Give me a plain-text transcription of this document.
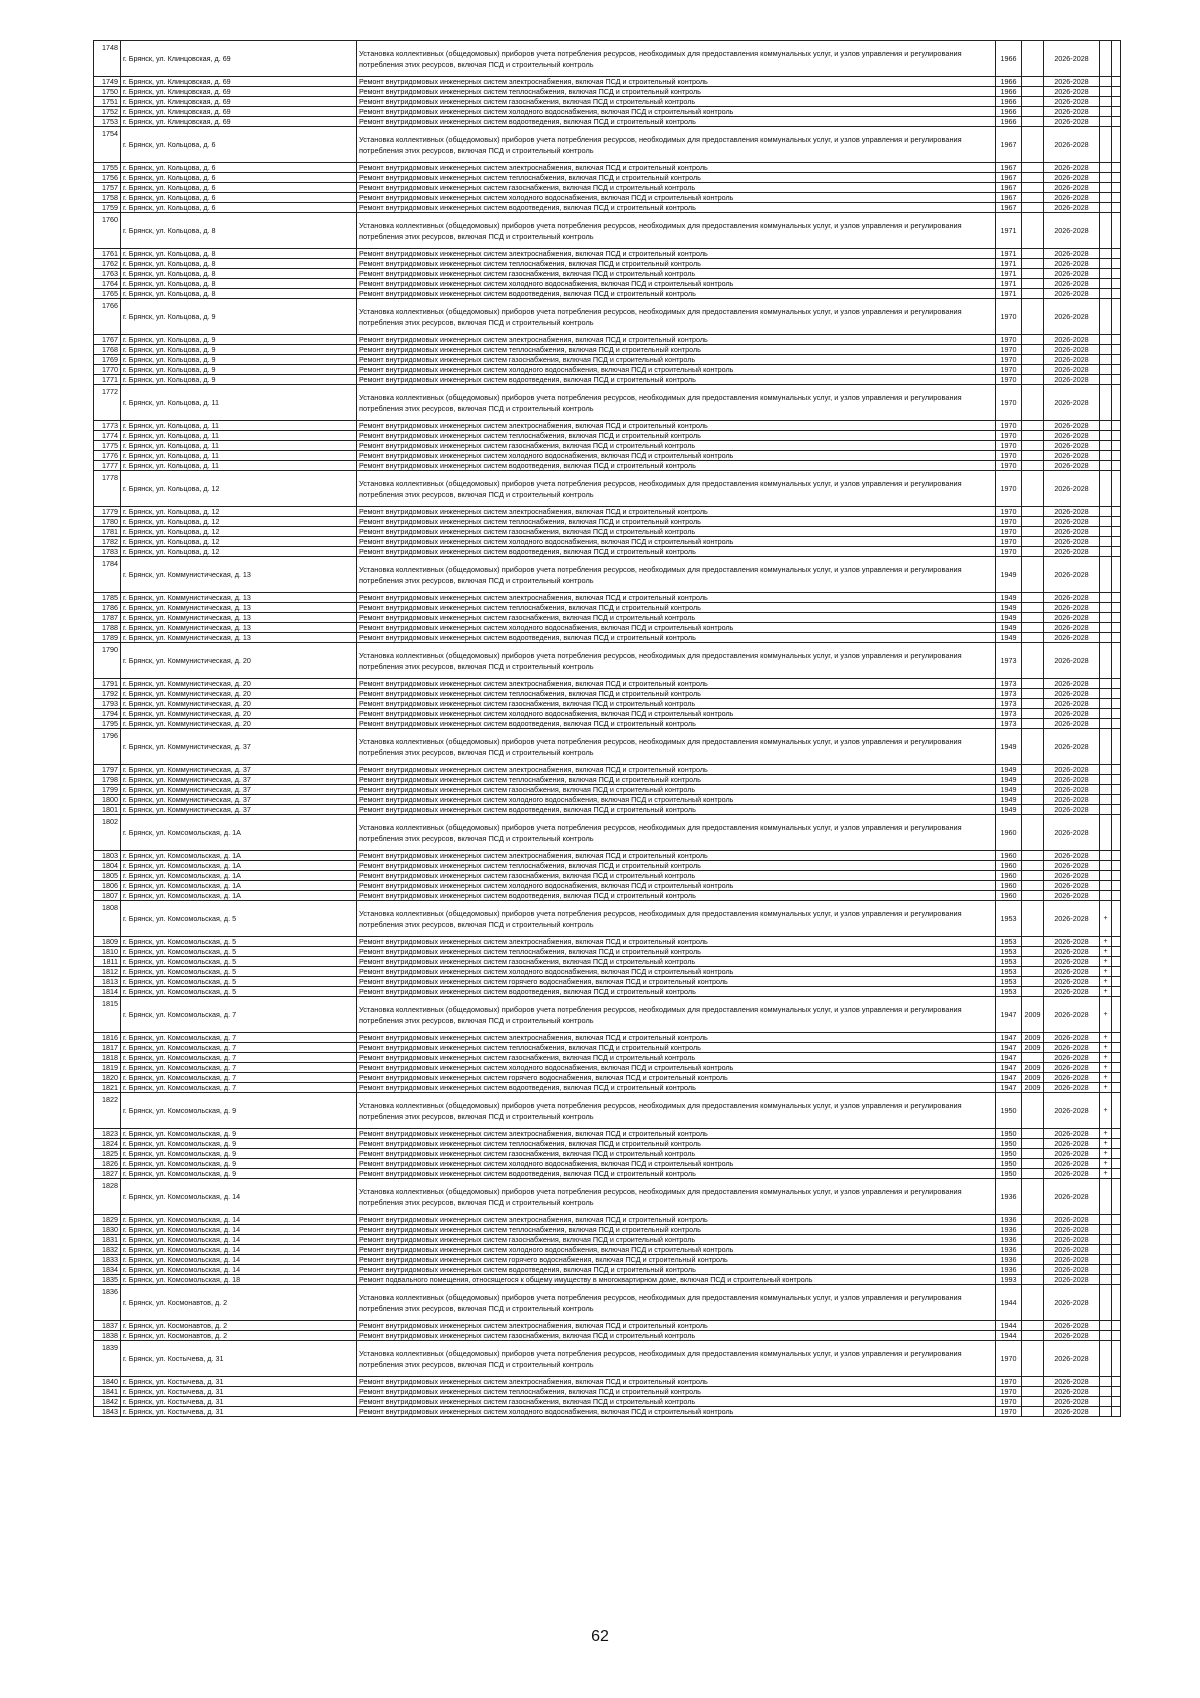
1748	г. Брянск, ул. Клинцовская, д. 69	Установка коллективных (общедомовых) приборов учета потребления ресурсов, необходимых для предоставления коммунальных услуг, и узлов управления и регулирования потребления этих ресурсов, включая ПСД и строительный контроль	1966		2026-2028		
1749	г. Брянск, ул. Клинцовская, д. 69	Ремонт внутридомовых инженерных систем электроснабжения, включая ПСД и строительный контроль	1966		2026-2028		
1750	г. Брянск, ул. Клинцовская, д. 69	Ремонт внутридомовых инженерных систем теплоснабжения, включая ПСД и строительный контроль	1966		2026-2028		
1751	г. Брянск, ул. Клинцовская, д. 69	Ремонт внутридомовых инженерных систем газоснабжения, включая ПСД и строительный контроль	1966		2026-2028		
1752	г. Брянск, ул. Клинцовская, д. 69	Ремонт внутридомовых инженерных систем холодного водоснабжения, включая ПСД и строительный контроль	1966		2026-2028		
1753	г. Брянск, ул. Клинцовская, д. 69	Ремонт внутридомовых инженерных систем водоотведения, включая ПСД и строительный контроль	1966		2026-2028		
1754	г. Брянск, ул. Кольцова, д. 6	Установка коллективных (общедомовых) приборов учета потребления ресурсов, необходимых для предоставления коммунальных услуг, и узлов управления и регулирования потребления этих ресурсов, включая ПСД и строительный контроль	1967		2026-2028		
1755	г. Брянск, ул. Кольцова, д. 6	Ремонт внутридомовых инженерных систем электроснабжения, включая ПСД и строительный контроль	1967		2026-2028		
1756	г. Брянск, ул. Кольцова, д. 6	Ремонт внутридомовых инженерных систем теплоснабжения, включая ПСД и строительный контроль	1967		2026-2028		
1757	г. Брянск, ул. Кольцова, д. 6	Ремонт внутридомовых инженерных систем газоснабжения, включая ПСД и строительный контроль	1967		2026-2028		
1758	г. Брянск, ул. Кольцова, д. 6	Ремонт внутридомовых инженерных систем холодного водоснабжения, включая ПСД и строительный контроль	1967		2026-2028		
1759	г. Брянск, ул. Кольцова, д. 6	Ремонт внутридомовых инженерных систем водоотведения, включая ПСД и строительный контроль	1967		2026-2028		
1760	г. Брянск, ул. Кольцова, д. 8	Установка коллективных (общедомовых) приборов учета потребления ресурсов, необходимых для предоставления коммунальных услуг, и узлов управления и регулирования потребления этих ресурсов, включая ПСД и строительный контроль	1971		2026-2028		
1761	г. Брянск, ул. Кольцова, д. 8	Ремонт внутридомовых инженерных систем электроснабжения, включая ПСД и строительный контроль	1971		2026-2028		
1762	г. Брянск, ул. Кольцова, д. 8	Ремонт внутридомовых инженерных систем теплоснабжения, включая ПСД и строительный контроль	1971		2026-2028		
1763	г. Брянск, ул. Кольцова, д. 8	Ремонт внутридомовых инженерных систем газоснабжения, включая ПСД и строительный контроль	1971		2026-2028		
1764	г. Брянск, ул. Кольцова, д. 8	Ремонт внутридомовых инженерных систем холодного водоснабжения, включая ПСД и строительный контроль	1971		2026-2028		
1765	г. Брянск, ул. Кольцова, д. 8	Ремонт внутридомовых инженерных систем водоотведения, включая ПСД и строительный контроль	1971		2026-2028		
1766	г. Брянск, ул. Кольцова, д. 9	Установка коллективных (общедомовых) приборов учета потребления ресурсов, необходимых для предоставления коммунальных услуг, и узлов управления и регулирования потребления этих ресурсов, включая ПСД и строительный контроль	1970		2026-2028		
1767	г. Брянск, ул. Кольцова, д. 9	Ремонт внутридомовых инженерных систем электроснабжения, включая ПСД и строительный контроль	1970		2026-2028		
1768	г. Брянск, ул. Кольцова, д. 9	Ремонт внутридомовых инженерных систем теплоснабжения, включая ПСД и строительный контроль	1970		2026-2028		
1769	г. Брянск, ул. Кольцова, д. 9	Ремонт внутридомовых инженерных систем газоснабжения, включая ПСД и строительный контроль	1970		2026-2028		
1770	г. Брянск, ул. Кольцова, д. 9	Ремонт внутридомовых инженерных систем холодного водоснабжения, включая ПСД и строительный контроль	1970		2026-2028		
1771	г. Брянск, ул. Кольцова, д. 9	Ремонт внутридомовых инженерных систем водоотведения, включая ПСД и строительный контроль	1970		2026-2028		
1772	г. Брянск, ул. Кольцова, д. 11	Установка коллективных (общедомовых) приборов учета потребления ресурсов, необходимых для предоставления коммунальных услуг, и узлов управления и регулирования потребления этих ресурсов, включая ПСД и строительный контроль	1970		2026-2028		
1773	г. Брянск, ул. Кольцова, д. 11	Ремонт внутридомовых инженерных систем электроснабжения, включая ПСД и строительный контроль	1970		2026-2028		
1774	г. Брянск, ул. Кольцова, д. 11	Ремонт внутридомовых инженерных систем теплоснабжения, включая ПСД и строительный контроль	1970		2026-2028		
1775	г. Брянск, ул. Кольцова, д. 11	Ремонт внутридомовых инженерных систем газоснабжения, включая ПСД и строительный контроль	1970		2026-2028		
1776	г. Брянск, ул. Кольцова, д. 11	Ремонт внутридомовых инженерных систем холодного водоснабжения, включая ПСД и строительный контроль	1970		2026-2028		
1777	г. Брянск, ул. Кольцова, д. 11	Ремонт внутридомовых инженерных систем водоотведения, включая ПСД и строительный контроль	1970		2026-2028		
1778	г. Брянск, ул. Кольцова, д. 12	Установка коллективных (общедомовых) приборов учета потребления ресурсов, необходимых для предоставления коммунальных услуг, и узлов управления и регулирования потребления этих ресурсов, включая ПСД и строительный контроль	1970		2026-2028		
1779	г. Брянск, ул. Кольцова, д. 12	Ремонт внутридомовых инженерных систем электроснабжения, включая ПСД и строительный контроль	1970		2026-2028		
1780	г. Брянск, ул. Кольцова, д. 12	Ремонт внутридомовых инженерных систем теплоснабжения, включая ПСД и строительный контроль	1970		2026-2028		
1781	г. Брянск, ул. Кольцова, д. 12	Ремонт внутридомовых инженерных систем газоснабжения, включая ПСД и строительный контроль	1970		2026-2028		
1782	г. Брянск, ул. Кольцова, д. 12	Ремонт внутридомовых инженерных систем холодного водоснабжения, включая ПСД и строительный контроль	1970		2026-2028		
1783	г. Брянск, ул. Кольцова, д. 12	Ремонт внутридомовых инженерных систем водоотведения, включая ПСД и строительный контроль	1970		2026-2028		
1784	г. Брянск, ул. Коммунистическая, д. 13	Установка коллективных (общедомовых) приборов учета потребления ресурсов, необходимых для предоставления коммунальных услуг, и узлов управления и регулирования потребления этих ресурсов, включая ПСД и строительный контроль	1949		2026-2028		
1785	г. Брянск, ул. Коммунистическая, д. 13	Ремонт внутридомовых инженерных систем электроснабжения, включая ПСД и строительный контроль	1949		2026-2028		
1786	г. Брянск, ул. Коммунистическая, д. 13	Ремонт внутридомовых инженерных систем теплоснабжения, включая ПСД и строительный контроль	1949		2026-2028		
1787	г. Брянск, ул. Коммунистическая, д. 13	Ремонт внутридомовых инженерных систем газоснабжения, включая ПСД и строительный контроль	1949		2026-2028		
1788	г. Брянск, ул. Коммунистическая, д. 13	Ремонт внутридомовых инженерных систем холодного водоснабжения, включая ПСД и строительный контроль	1949		2026-2028		
1789	г. Брянск, ул. Коммунистическая, д. 13	Ремонт внутридомовых инженерных систем водоотведения, включая ПСД и строительный контроль	1949		2026-2028		
1790	г. Брянск, ул. Коммунистическая, д. 20	Установка коллективных (общедомовых) приборов учета потребления ресурсов, необходимых для предоставления коммунальных услуг, и узлов управления и регулирования потребления этих ресурсов, включая ПСД и строительный контроль	1973		2026-2028		
1791	г. Брянск, ул. Коммунистическая, д. 20	Ремонт внутридомовых инженерных систем электроснабжения, включая ПСД и строительный контроль	1973		2026-2028		
1792	г. Брянск, ул. Коммунистическая, д. 20	Ремонт внутридомовых инженерных систем теплоснабжения, включая ПСД и строительный контроль	1973		2026-2028		
1793	г. Брянск, ул. Коммунистическая, д. 20	Ремонт внутридомовых инженерных систем газоснабжения, включая ПСД и строительный контроль	1973		2026-2028		
1794	г. Брянск, ул. Коммунистическая, д. 20	Ремонт внутридомовых инженерных систем холодного водоснабжения, включая ПСД и строительный контроль	1973		2026-2028		
1795	г. Брянск, ул. Коммунистическая, д. 20	Ремонт внутридомовых инженерных систем водоотведения, включая ПСД и строительный контроль	1973		2026-2028		
1796	г. Брянск, ул. Коммунистическая, д. 37	Установка коллективных (общедомовых) приборов учета потребления ресурсов, необходимых для предоставления коммунальных услуг, и узлов управления и регулирования потребления этих ресурсов, включая ПСД и строительный контроль	1949		2026-2028		
1797	г. Брянск, ул. Коммунистическая, д. 37	Ремонт внутридомовых инженерных систем электроснабжения, включая ПСД и строительный контроль	1949		2026-2028		
1798	г. Брянск, ул. Коммунистическая, д. 37	Ремонт внутридомовых инженерных систем теплоснабжения, включая ПСД и строительный контроль	1949		2026-2028		
1799	г. Брянск, ул. Коммунистическая, д. 37	Ремонт внутридомовых инженерных систем газоснабжения, включая ПСД и строительный контроль	1949		2026-2028		
1800	г. Брянск, ул. Коммунистическая, д. 37	Ремонт внутридомовых инженерных систем холодного водоснабжения, включая ПСД и строительный контроль	1949		2026-2028		
1801	г. Брянск, ул. Коммунистическая, д. 37	Ремонт внутридомовых инженерных систем водоотведения, включая ПСД и строительный контроль	1949		2026-2028		
1802	г. Брянск, ул. Комсомольская, д. 1А	Установка коллективных (общедомовых) приборов учета потребления ресурсов, необходимых для предоставления коммунальных услуг, и узлов управления и регулирования потребления этих ресурсов, включая ПСД и строительный контроль	1960		2026-2028		
1803	г. Брянск, ул. Комсомольская, д. 1А	Ремонт внутридомовых инженерных систем электроснабжения, включая ПСД и строительный контроль	1960		2026-2028		
1804	г. Брянск, ул. Комсомольская, д. 1А	Ремонт внутридомовых инженерных систем теплоснабжения, включая ПСД и строительный контроль	1960		2026-2028		
1805	г. Брянск, ул. Комсомольская, д. 1А	Ремонт внутридомовых инженерных систем газоснабжения, включая ПСД и строительный контроль	1960		2026-2028		
1806	г. Брянск, ул. Комсомольская, д. 1А	Ремонт внутридомовых инженерных систем холодного водоснабжения, включая ПСД и строительный контроль	1960		2026-2028		
1807	г. Брянск, ул. Комсомольская, д. 1А	Ремонт внутридомовых инженерных систем водоотведения, включая ПСД и строительный контроль	1960		2026-2028		
1808	г. Брянск, ул. Комсомольская, д. 5	Установка коллективных (общедомовых) приборов учета потребления ресурсов, необходимых для предоставления коммунальных услуг, и узлов управления и регулирования потребления этих ресурсов, включая ПСД и строительный контроль	1953		2026-2028	+	
1809	г. Брянск, ул. Комсомольская, д. 5	Ремонт внутридомовых инженерных систем электроснабжения, включая ПСД и строительный контроль	1953		2026-2028	+	
1810	г. Брянск, ул. Комсомольская, д. 5	Ремонт внутридомовых инженерных систем теплоснабжения, включая ПСД и строительный контроль	1953		2026-2028	+	
1811	г. Брянск, ул. Комсомольская, д. 5	Ремонт внутридомовых инженерных систем газоснабжения, включая ПСД и строительный контроль	1953		2026-2028	+	
1812	г. Брянск, ул. Комсомольская, д. 5	Ремонт внутридомовых инженерных систем холодного водоснабжения, включая ПСД и строительный контроль	1953		2026-2028	+	
1813	г. Брянск, ул. Комсомольская, д. 5	Ремонт внутридомовых инженерных систем горячего водоснабжения, включая ПСД и строительный контроль	1953		2026-2028	+	
1814	г. Брянск, ул. Комсомольская, д. 5	Ремонт внутридомовых инженерных систем водоотведения, включая ПСД и строительный контроль	1953		2026-2028	+	
1815	г. Брянск, ул. Комсомольская, д. 7	Установка коллективных (общедомовых) приборов учета потребления ресурсов, необходимых для предоставления коммунальных услуг, и узлов управления и регулирования потребления этих ресурсов, включая ПСД и строительный контроль	1947	2009	2026-2028	+	
1816	г. Брянск, ул. Комсомольская, д. 7	Ремонт внутридомовых инженерных систем электроснабжения, включая ПСД и строительный контроль	1947	2009	2026-2028	+	
1817	г. Брянск, ул. Комсомольская, д. 7	Ремонт внутридомовых инженерных систем теплоснабжения, включая ПСД и строительный контроль	1947	2009	2026-2028	+	
1818	г. Брянск, ул. Комсомольская, д. 7	Ремонт внутридомовых инженерных систем газоснабжения, включая ПСД и строительный контроль	1947		2026-2028	+	
1819	г. Брянск, ул. Комсомольская, д. 7	Ремонт внутридомовых инженерных систем холодного водоснабжения, включая ПСД и строительный контроль	1947	2009	2026-2028	+	
1820	г. Брянск, ул. Комсомольская, д. 7	Ремонт внутридомовых инженерных систем горячего водоснабжения, включая ПСД и строительный контроль	1947	2009	2026-2028	+	
1821	г. Брянск, ул. Комсомольская, д. 7	Ремонт внутридомовых инженерных систем водоотведения, включая ПСД и строительный контроль	1947	2009	2026-2028	+	
1822	г. Брянск, ул. Комсомольская, д. 9	Установка коллективных (общедомовых) приборов учета потребления ресурсов, необходимых для предоставления коммунальных услуг, и узлов управления и регулирования потребления этих ресурсов, включая ПСД и строительный контроль	1950		2026-2028	+	
1823	г. Брянск, ул. Комсомольская, д. 9	Ремонт внутридомовых инженерных систем электроснабжения, включая ПСД и строительный контроль	1950		2026-2028	+	
1824	г. Брянск, ул. Комсомольская, д. 9	Ремонт внутридомовых инженерных систем теплоснабжения, включая ПСД и строительный контроль	1950		2026-2028	+	
1825	г. Брянск, ул. Комсомольская, д. 9	Ремонт внутридомовых инженерных систем газоснабжения, включая ПСД и строительный контроль	1950		2026-2028	+	
1826	г. Брянск, ул. Комсомольская, д. 9	Ремонт внутридомовых инженерных систем холодного водоснабжения, включая ПСД и строительный контроль	1950		2026-2028	+	
1827	г. Брянск, ул. Комсомольская, д. 9	Ремонт внутридомовых инженерных систем водоотведения, включая ПСД и строительный контроль	1950		2026-2028	+	
1828	г. Брянск, ул. Комсомольская, д. 14	Установка коллективных (общедомовых) приборов учета потребления ресурсов, необходимых для предоставления коммунальных услуг, и узлов управления и регулирования потребления этих ресурсов, включая ПСД и строительный контроль	1936		2026-2028		
1829	г. Брянск, ул. Комсомольская, д. 14	Ремонт внутридомовых инженерных систем электроснабжения, включая ПСД и строительный контроль	1936		2026-2028		
1830	г. Брянск, ул. Комсомольская, д. 14	Ремонт внутридомовых инженерных систем теплоснабжения, включая ПСД и строительный контроль	1936		2026-2028		
1831	г. Брянск, ул. Комсомольская, д. 14	Ремонт внутридомовых инженерных систем газоснабжения, включая ПСД и строительный контроль	1936		2026-2028		
1832	г. Брянск, ул. Комсомольская, д. 14	Ремонт внутридомовых инженерных систем холодного водоснабжения, включая ПСД и строительный контроль	1936		2026-2028		
1833	г. Брянск, ул. Комсомольская, д. 14	Ремонт внутридомовых инженерных систем горячего водоснабжения, включая ПСД и строительный контроль	1936		2026-2028		
1834	г. Брянск, ул. Комсомольская, д. 14	Ремонт внутридомовых инженерных систем водоотведения, включая ПСД и строительный контроль	1936		2026-2028		
1835	г. Брянск, ул. Комсомольская, д. 18	Ремонт подвального помещения, относящегося к общему имуществу в многоквартирном доме, включая ПСД и строительный контроль	1993		2026-2028		
1836	г. Брянск, ул. Космонавтов, д. 2	Установка коллективных (общедомовых) приборов учета потребления ресурсов, необходимых для предоставления коммунальных услуг, и узлов управления и регулирования потребления этих ресурсов, включая ПСД и строительный контроль	1944		2026-2028		
1837	г. Брянск, ул. Космонавтов, д. 2	Ремонт внутридомовых инженерных систем электроснабжения, включая ПСД и строительный контроль	1944		2026-2028		
1838	г. Брянск, ул. Космонавтов, д. 2	Ремонт внутридомовых инженерных систем газоснабжения, включая ПСД и строительный контроль	1944		2026-2028		
1839	г. Брянск, ул. Костычева, д. 31	Установка коллективных (общедомовых) приборов учета потребления ресурсов, необходимых для предоставления коммунальных услуг, и узлов управления и регулирования потребления этих ресурсов, включая ПСД и строительный контроль	1970		2026-2028		
1840	г. Брянск, ул. Костычева, д. 31	Ремонт внутридомовых инженерных систем электроснабжения, включая ПСД и строительный контроль	1970		2026-2028		
1841	г. Брянск, ул. Костычева, д. 31	Ремонт внутридомовых инженерных систем теплоснабжения, включая ПСД и строительный контроль	1970		2026-2028		
1842	г. Брянск, ул. Костычева, д. 31	Ремонт внутридомовых инженерных систем газоснабжения, включая ПСД и строительный контроль	1970		2026-2028		
1843	г. Брянск, ул. Костычева, д. 31	Ремонт внутридомовых инженерных систем холодного водоснабжения, включая ПСД и строительный контроль	1970		2026-2028		
62
